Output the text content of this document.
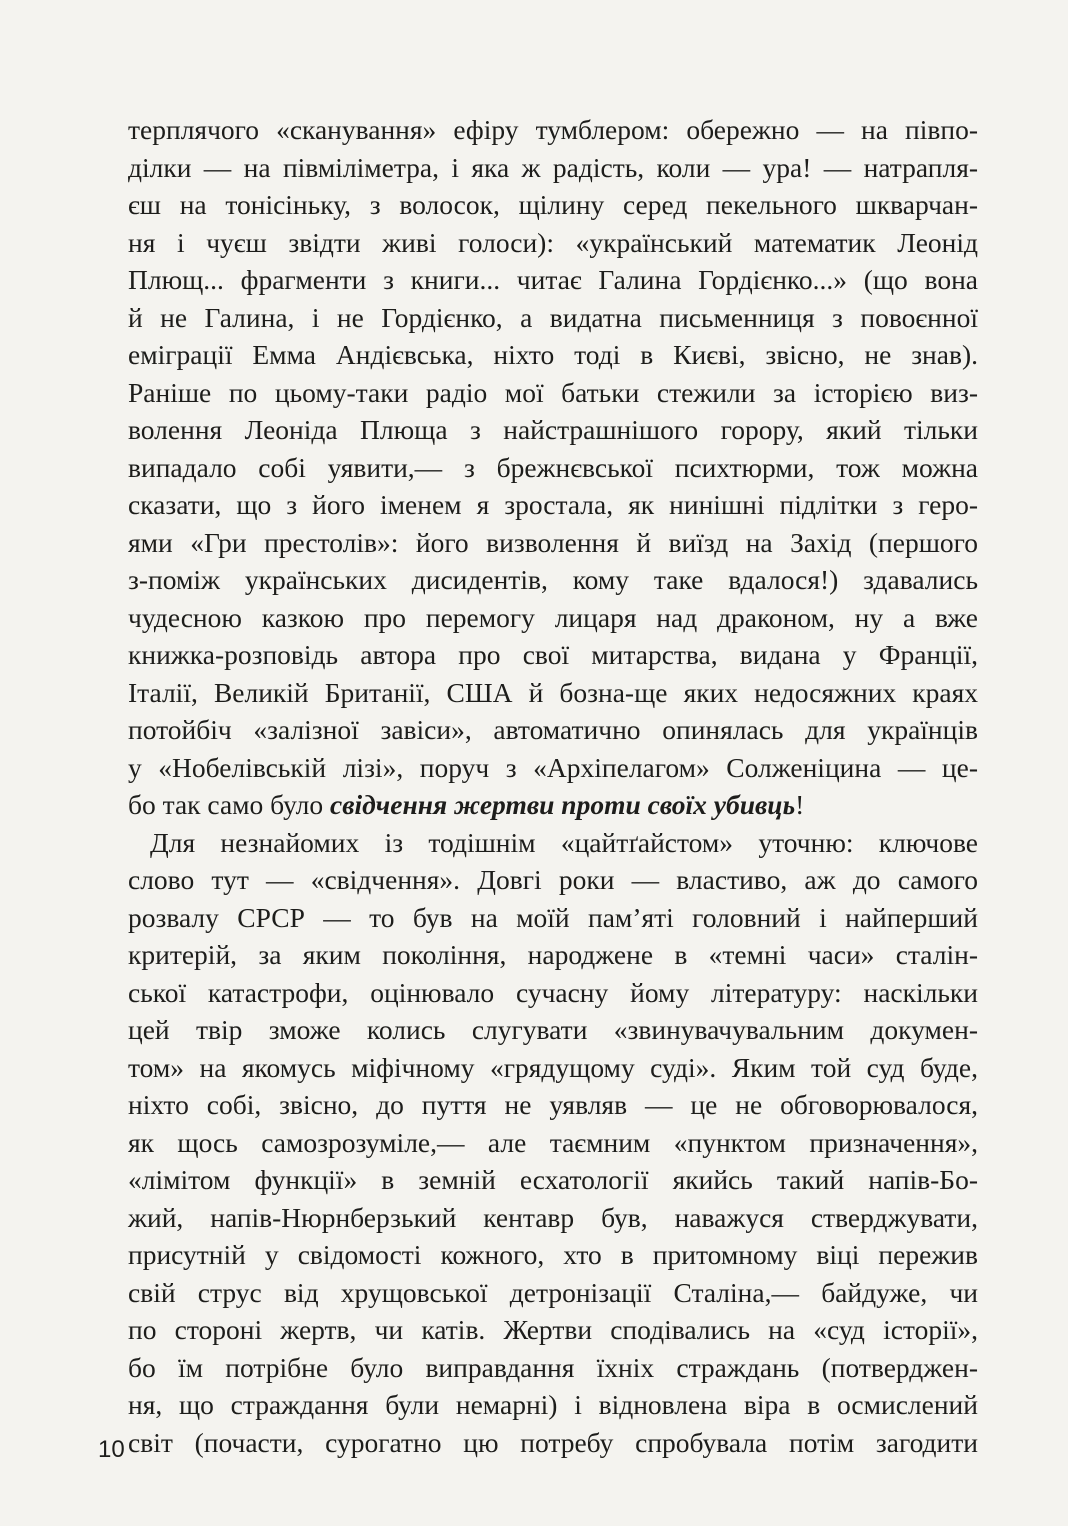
терплячого «сканування» ефіру тумблером: обережно — на півпо-
ділки — на півміліметра, і яка ж радість, коли — ура! — натрапля-
єш на тонісіньку, з волосок, щілину серед пекельного шкварчан-
ня і чуєш звідти живі голоси): «український математик Леонід
Плющ... фрагменти з книги... читає Галина Гордієнко...» (що вона
й не Галина, і не Гордієнко, а видатна письменниця з повоєнної
еміграції Емма Андієвська, ніхто тоді в Києві, звісно, не знав).
Раніше по цьому-таки радіо мої батьки стежили за історією виз-
волення Леоніда Плюща з найстрашнішого горору, який тільки
випадало собі уявити,— з брежнєвської психтюрми, тож можна
сказати, що з його іменем я зростала, як нинішні підлітки з геро-
ями «Гри престолів»: його визволення й виїзд на Захід (першого
з-поміж українських дисидентів, кому таке вдалося!) здавались
чудесною казкою про перемогу лицаря над драконом, ну а вже
книжка-розповідь автора про свої митарства, видана у Франції,
Італії, Великій Британії, США й бозна-ще яких недосяжних краях
потойбіч «залізної завіси», автоматично опинялась для українців
у «Нобелівській лізі», поруч з «Архіпелагом» Солженіцина — це-
бо так само було свідчення жертви проти своїх убивць!
Для незнайомих із тодішнім «цайтґайстом» уточню: ключове
слово тут — «свідчення». Довгі роки — властиво, аж до самого
розвалу СРСР — то був на моїй пам’яті головний і найперший
критерій, за яким покоління, народжене в «темні часи» сталін-
ської катастрофи, оцінювало сучасну йому літературу: наскільки
цей твір зможе колись слугувати «звинувачувальним докумен-
том» на якомусь міфічному «грядущому суді». Яким той суд буде,
ніхто собі, звісно, до пуття не уявляв — це не обговорювалося,
як щось самозрозуміле,— але таємним «пунктом призначення»,
«лімітом функції» в земній есхатології якийсь такий напів-Бо-
жий, напів-Нюрнберзький кентавр був, наважуся стверджувати,
присутній у свідомості кожного, хто в притомному віці пережив
свій струс від хрущовської детронізації Сталіна,— байдуже, чи
по стороні жертв, чи катів. Жертви сподівались на «суд історії»,
бо їм потрібне було виправдання їхніх страждань (потверджен-
ня, що страждання були немарні) і відновлена віра в осмислений
світ (почасти, сурогатно цю потребу спробувала потім загодити
10
